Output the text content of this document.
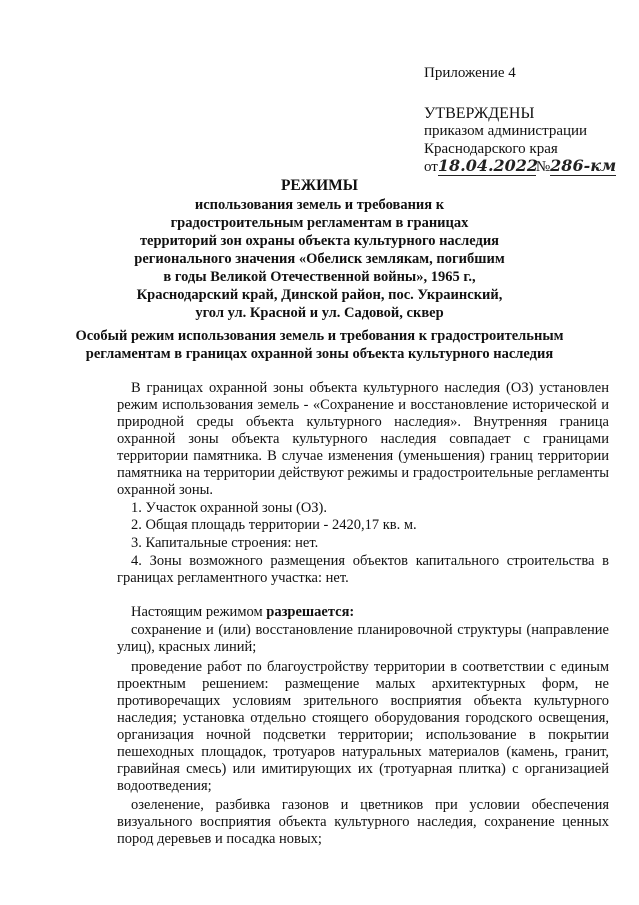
Приложение 4
УТВЕРЖДЕНЫ
приказом администрации
Краснодарского края
от18.04.2022№286-км
РЕЖИМЫ
использования земель и требования к
градостроительным регламентам в границах
территорий зон охраны объекта культурного наследия
регионального значения «Обелиск землякам, погибшим
в годы Великой Отечественной войны», 1965 г.,
Краснодарский край, Динской район, пос. Украинский,
угол ул. Красной и ул. Садовой, сквер
Особый режим использования земель и требования к градостроительным
регламентам в границах охранной зоны объекта культурного наследия
В границах охранной зоны объекта культурного наследия (ОЗ) установлен режим использования земель - «Сохранение и восстановление исторической и природной среды объекта культурного наследия». Внутренняя граница охранной зоны объекта культурного наследия совпадает с границами территории памятника. В случае изменения (уменьшения) границ территории памятника на территории действуют режимы и градостроительные регламенты охранной зоны.
1. Участок охранной зоны (ОЗ).
2. Общая площадь территории - 2420,17 кв. м.
3. Капитальные строения: нет.
4. Зоны возможного размещения объектов капитального строительства в границах регламентного участка: нет.
Настоящим режимом разрешается:
сохранение и (или) восстановление планировочной структуры (направление улиц), красных линий;
проведение работ по благоустройству территории в соответствии с единым проектным решением: размещение малых архитектурных форм, не противоречащих условиям зрительного восприятия объекта культурного наследия; установка отдельно стоящего оборудования городского освещения, организация ночной подсветки территории; использование в покрытии пешеходных площадок, тротуаров натуральных материалов (камень, гранит, гравийная смесь) или имитирующих их (тротуарная плитка) с организацией водоотведения;
озеленение, разбивка газонов и цветников при условии обеспечения визуального восприятия объекта культурного наследия, сохранение ценных пород деревьев и посадка новых;
